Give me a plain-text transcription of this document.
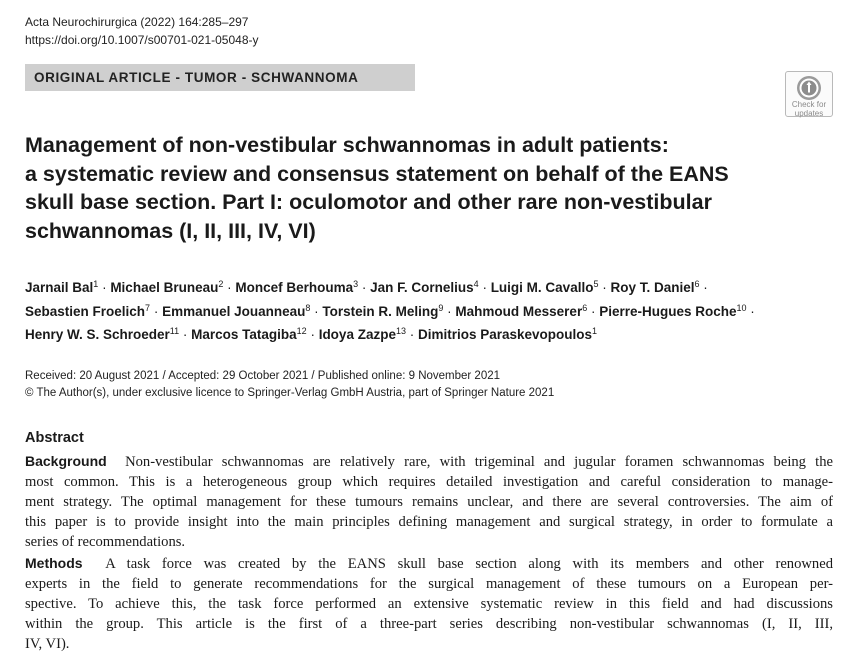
Acta Neurochirurgica (2022) 164:285–297
https://doi.org/10.1007/s00701-021-05048-y
ORIGINAL ARTICLE - TUMOR - SCHWANNOMA
Check for
updates
Management of non-vestibular schwannomas in adult patients:
a systematic review and consensus statement on behalf of the EANS
skull base section. Part I: oculomotor and other rare non-vestibular
schwannomas (I, II, III, IV, VI)
Jarnail Bal$^1$ · Michael Bruneau$^2$ · Moncef Berhouma$^3$ · Jan F. Cornelius$^4$ · Luigi M. Cavallo$^5$ · Roy T. Daniel$^6$ ·
Sebastien Froelich$^7$ · Emmanuel Jouanneau$^8$ · Torstein R. Meling$^9$ · Mahmoud Messerer$^6$ · Pierre-Hugues Roche$^{10}$ ·
Henry W. S. Schroeder$^{11}$ · Marcos Tatagiba$^{12}$ · Idoya Zazpe$^{13}$ · Dimitrios Paraskevopoulos$^1$
Received: 20 August 2021 / Accepted: 29 October 2021 / Published online: 9 November 2021
© The Author(s), under exclusive licence to Springer-Verlag GmbH Austria, part of Springer Nature 2021
Abstract

Background Non-vestibular schwannomas are relatively rare, with trigeminal and jugular foramen schwannomas being the
most common. This is a heterogeneous group which requires detailed investigation and careful consideration to manage-
ment strategy. The optimal management for these tumours remains unclear, and there are several controversies. The aim of
this paper is to provide insight into the main principles defining management and surgical strategy, in order to formulate a
series of recommendations.

Methods A task force was created by the EANS skull base section along with its members and other renowned
experts in the field to generate recommendations for the surgical management of these tumours on a European per-
spective. To achieve this, the task force performed an extensive systematic review in this field and had discussions
within the group. This article is the first of a three-part series describing non-vestibular schwannomas (I, II, III,
IV, VI).
